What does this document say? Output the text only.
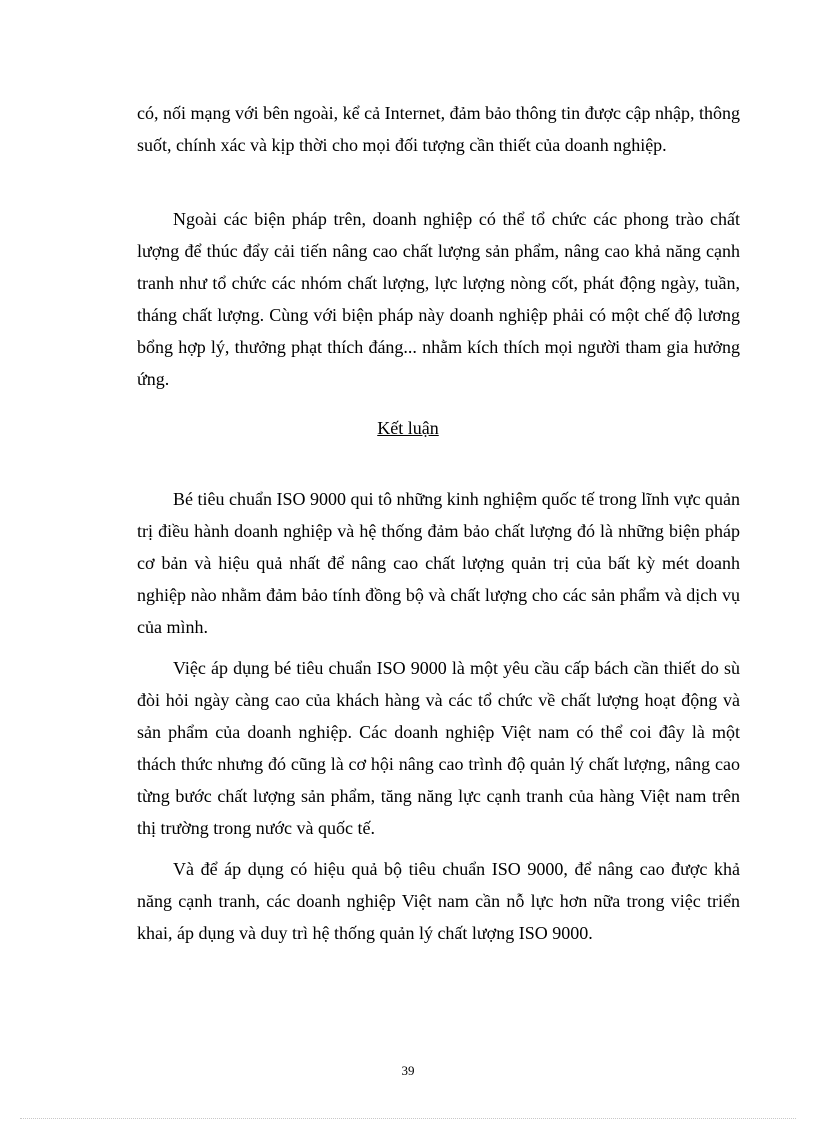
có, nối mạng với bên ngoài, kể cả Internet, đảm bảo thông tin được cập nhập, thông suốt, chính xác và kịp thời cho mọi đối tượng cần thiết của doanh nghiệp.

Ngoài các biện pháp trên, doanh nghiệp có thể tổ chức các phong trào chất lượng để thúc đẩy cải tiến nâng cao chất lượng sản phẩm, nâng cao khả năng cạnh tranh như tổ chức các nhóm chất lượng, lực lượng nòng cốt, phát động ngày, tuần, tháng chất lượng. Cùng với biện pháp này doanh nghiệp phải có một chế độ lương bổng hợp lý, thưởng phạt thích đáng... nhằm kích thích mọi người tham gia hưởng ứng.

Kết luận

Bé tiêu chuẩn ISO 9000 qui tô những kinh nghiệm quốc tế trong lĩnh vực quản trị điều hành doanh nghiệp và hệ thống đảm bảo chất lượng đó là những biện pháp cơ bản và hiệu quả nhất để nâng cao chất lượng quản trị của bất kỳ mét doanh nghiệp nào nhằm đảm bảo tính đồng bộ và chất lượng cho các sản phẩm và dịch vụ của mình.

Việc áp dụng bé tiêu chuẩn ISO 9000 là một yêu cầu cấp bách cần thiết do sù đòi hỏi ngày càng cao của khách hàng và các tổ chức về chất lượng hoạt động và sản phẩm của doanh nghiệp. Các doanh nghiệp Việt nam có thể coi đây là một thách thức nhưng đó cũng là cơ hội nâng cao trình độ quản lý chất lượng, nâng cao từng bước chất lượng sản phẩm, tăng năng lực cạnh tranh của hàng Việt nam trên thị trường trong nước và quốc tế.

Và để áp dụng có hiệu quả bộ tiêu chuẩn ISO 9000, để nâng cao được khả năng cạnh tranh, các doanh nghiệp Việt nam cần nỗ lực hơn nữa trong việc triển khai, áp dụng và duy trì hệ thống quản lý chất lượng ISO 9000.

39
